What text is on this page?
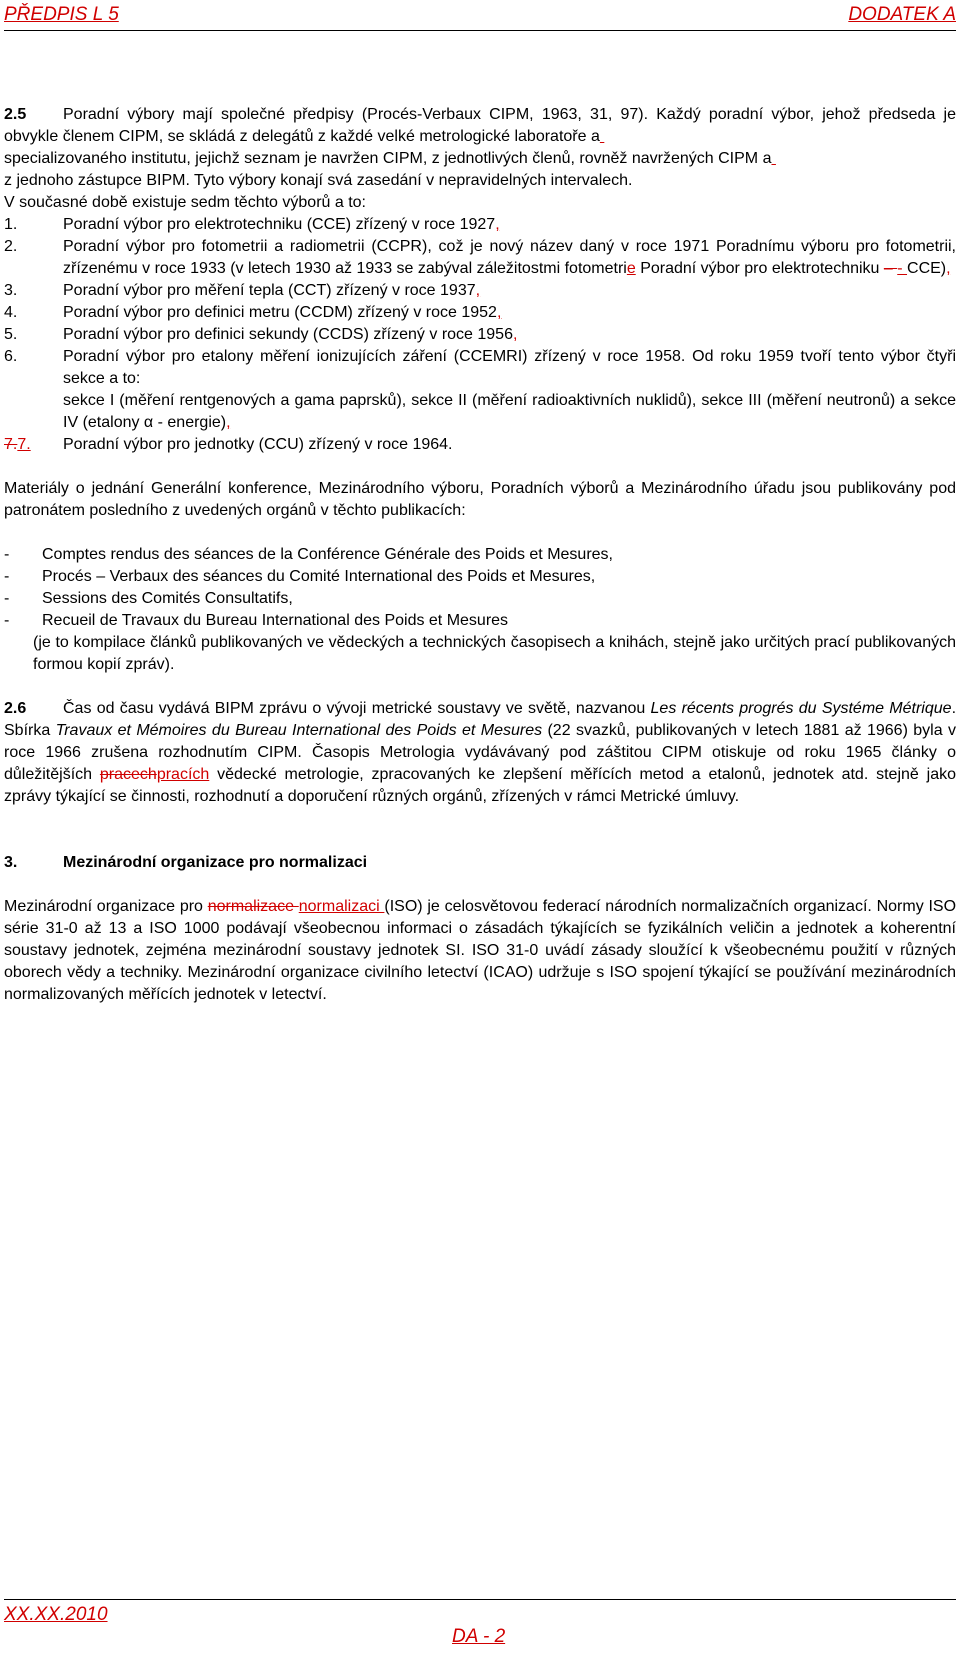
PŘEDPIS L 5	DODATEK A

2.5 Poradní výbory mají společné předpisy (Procés-Verbaux CIPM, 1963, 31, 97). Každý poradní výbor, jehož předseda je obvykle členem CIPM, se skládá z delegátů z každé velké metrologické laboratoře a

specializovaného institutu, jejichž seznam je navržen CIPM, z jednotlivých členů, rovněž navržených CIPM a

z jednoho zástupce BIPM. Tyto výbory konají svá zasedání v nepravidelných intervalech.

V současné době existuje sedm těchto výborů a to:

1.	Poradní výbor pro elektrotechniku (CCE) zřízený v roce 1927,
2.	Poradní výbor pro fotometrii a radiometrii (CCPR), což je nový název daný v roce 1971 Poradnímu výboru pro fotometrii, zřízenému v roce 1933 (v letech 1930 až 1933 se zabýval záležitostmi fotometrie Poradní výbor pro elektrotechniku – - CCE),
3.	Poradní výbor pro měření tepla (CCT) zřízený v roce 1937,
4.	Poradní výbor pro definici metru (CCDM) zřízený v roce 1952,
5.	Poradní výbor pro definici sekundy (CCDS) zřízený v roce 1956,
6.	Poradní výbor pro etalony měření ionizujících záření (CCEMRI) zřízený v roce 1958. Od roku 1959 tvoří tento výbor čtyři sekce a to:
sekce I (měření rentgenových a gama paprsků), sekce II (měření radioaktivních nuklidů), sekce III (měření neutronů) a sekce IV (etalony α - energie),
7.7. Poradní výbor pro jednotky (CCU) zřízený v roce 1964.

Materiály o jednání Generální konference, Mezinárodního výboru, Poradních výborů a Mezinárodního úřadu jsou publikovány pod patronátem posledního z uvedených orgánů v těchto publikacích:

- Comptes rendus des séances de la Conférence Générale des Poids et Mesures,
- Procés – Verbaux des séances du Comité International des Poids et Mesures,
- Sessions des Comités Consultatifs,
- Recueil de Travaux du Bureau International des Poids et Mesures
(je to kompilace článků publikovaných ve vědeckých a technických časopisech a knihách, stejně jako určitých prací publikovaných formou kopií zpráv).

2.6 Čas od času vydává BIPM zprávu o vývoji metrické soustavy ve světě, nazvanou Les récents progrés du Systéme Métrique. Sbírka Travaux et Mémoires du Bureau International des Poids et Mesures (22 svazků, publikovaných v letech 1881 až 1966) byla v roce 1966 zrušena rozhodnutím CIPM. Časopis Metrologia vydávávaný pod záštitou CIPM otiskuje od roku 1965 články o důležitějších pracechpracích vědecké metrologie, zpracovaných ke zlepšení měřících metod a etalonů, jednotek atd. stejně jako zprávy týkající se činnosti, rozhodnutí a doporučení různých orgánů, zřízených v rámci Metrické úmluvy.

3.	Mezinárodní organizace pro normalizaci

Mezinárodní organizace pro normalizace normalizaci (ISO) je celosvětovou federací národních normalizačních organizací. Normy ISO série 31-0 až 13 a ISO 1000 podávají všeobecnou informaci o zásadách týkajících se fyzikálních veličin a jednotek a koherentní soustavy jednotek, zejména mezinárodní soustavy jednotek SI. ISO 31-0 uvádí zásady sloužící k všeobecnému použití v různých oborech vědy a techniky. Mezinárodní organizace civilního letectví (ICAO) udržuje s ISO spojení týkající se používání mezinárodních normalizovaných měřících jednotek v letectví.

XX.XX.2010
DA - 2
